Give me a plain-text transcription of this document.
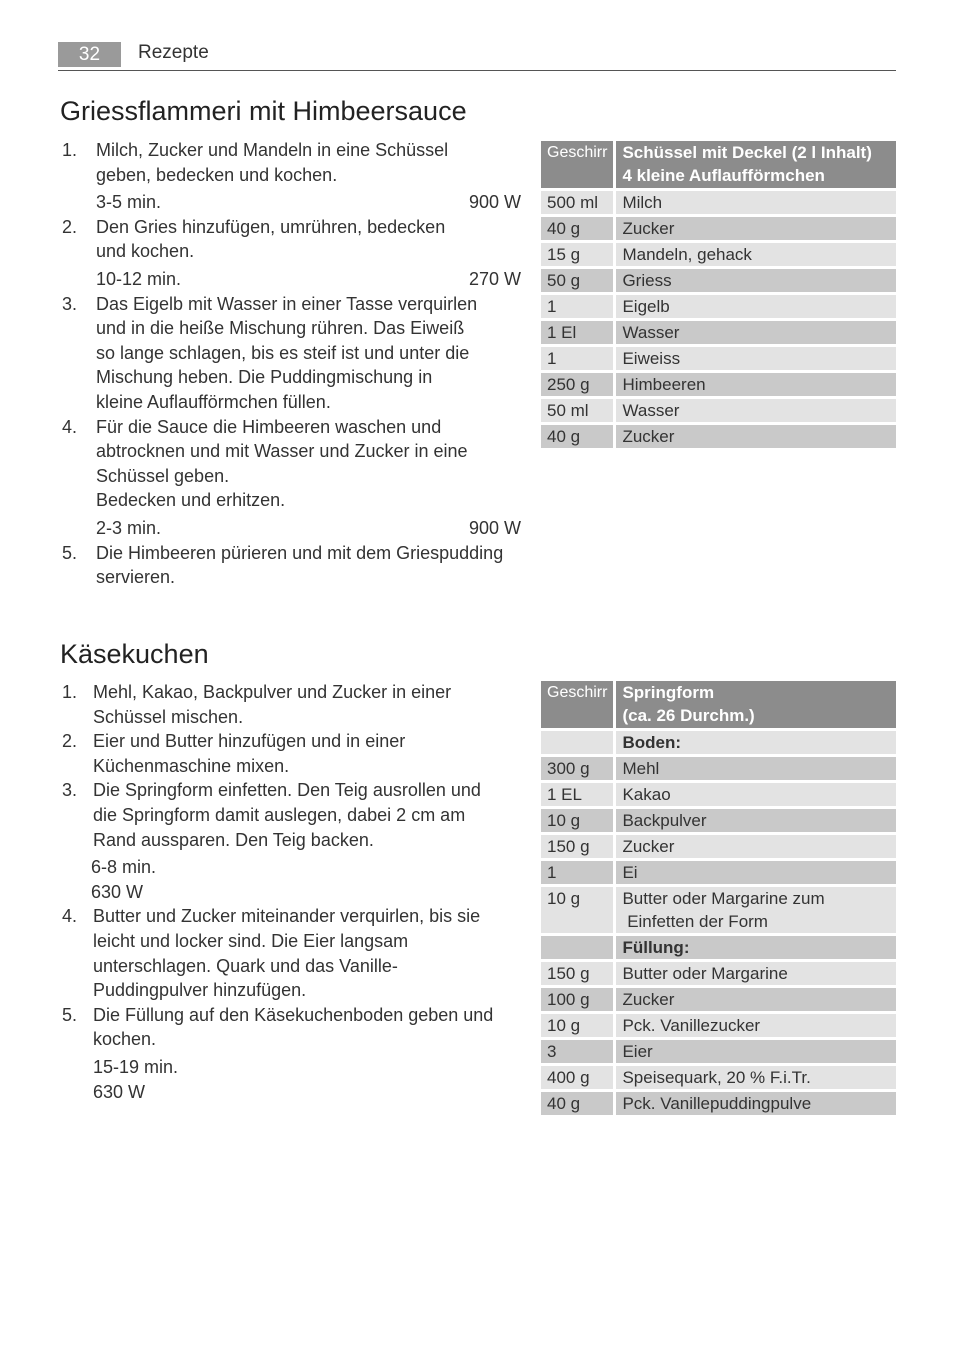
32	Rezepte
Griessflammeri mit Himbeersauce
1. Milch, Zucker und Mandeln in eine Schüssel geben, bedecken und kochen.
3-5 min.	900 W
2. Den Gries hinzufügen, umrühren, bedecken und kochen.
10-12 min.	270 W
3. Das Eigelb mit Wasser in einer Tasse verquirlen und in die heiße Mischung rühren. Das Eiweiß so lange schlagen, bis es steif ist und unter die Mischung heben. Die Puddingmischung in kleine Auflaufförmchen füllen.
4. Für die Sauce die Himbeeren waschen und abtrocknen und mit Wasser und Zucker in eine Schüssel geben.
Bedecken und erhitzen.
2-3 min.	900 W
5. Die Himbeeren pürieren und mit dem Griespudding servieren.
Geschirr	Schüssel mit Deckel (2 l Inhalt)
4 kleine Auflaufförmchen
500 ml	Milch
40 g	Zucker
15 g	Mandeln, gehack
50 g	Griess
1	Eigelb
1 El	Wasser
1	Eiweiss
250 g	Himbeeren
50 ml	Wasser
40 g	Zucker
Käsekuchen
1. Mehl, Kakao, Backpulver und Zucker in einer Schüssel mischen.
2. Eier und Butter hinzufügen und in einer Küchenmaschine mixen.
3. Die Springform einfetten. Den Teig ausrollen und die Springform damit auslegen, dabei 2 cm am Rand aussparen. Den Teig backen.
6-8 min.630 W
4. Butter und Zucker miteinander verquirlen, bis sie leicht und locker sind. Die Eier langsam unterschlagen. Quark und das Vanille-Puddingpulver hinzufügen.
5. Die Füllung auf den Käsekuchenboden geben und kochen.
15-19 min.630 W
Geschirr	Springform
(ca. 26 Durchm.)
	Boden:
300 g	Mehl
1 EL	Kakao
10 g	Backpulver
150 g	Zucker
1	Ei
10 g	Butter oder Margarine zum
Einfetten der Form
	Füllung:
150 g	Butter oder Margarine
100 g	Zucker
10 g	Pck. Vanillezucker
3	Eier
400 g	Speisequark, 20 % F.i.Tr.
40 g	Pck. Vanillepuddingpulve
